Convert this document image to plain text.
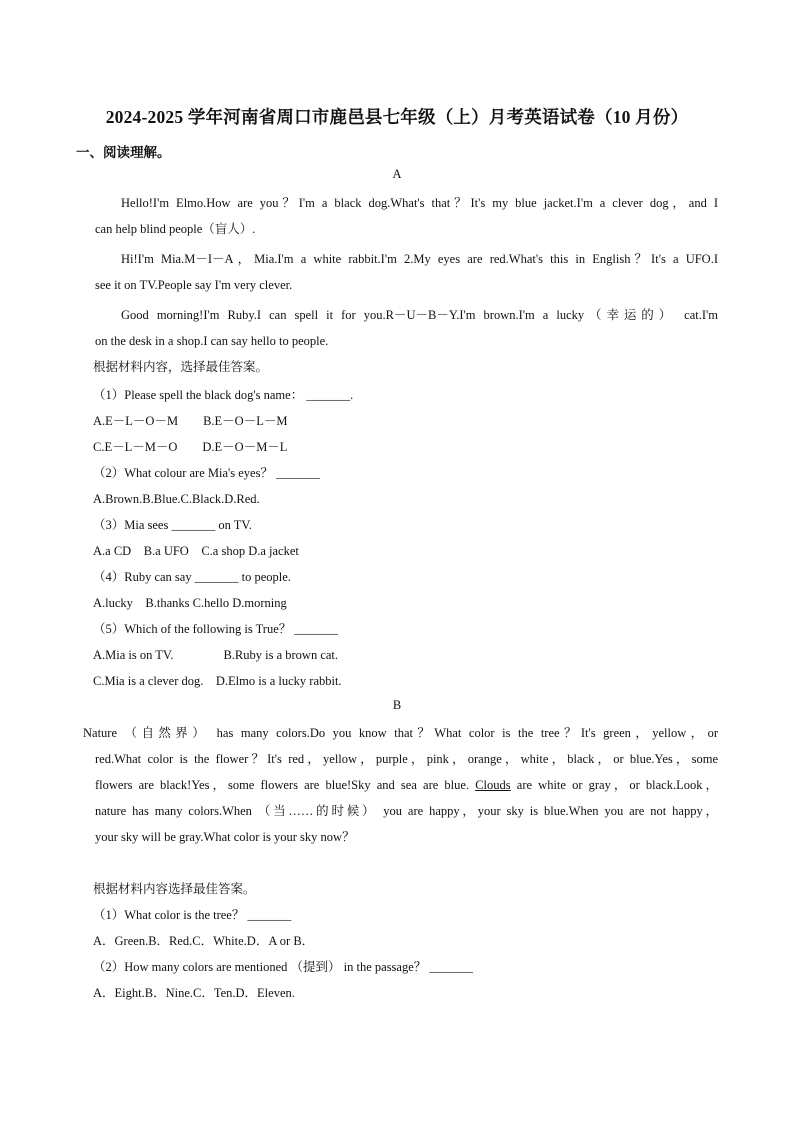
2024-2025 学年河南省周口市鹿邑县七年级（上）月考英语试卷（10 月份）
一、阅读理解。
A
Hello!I'm Elmo.How are you？I'm a black dog.What's that？It's my blue jacket.I'm a clever dog，and I
can help blind people（盲人）.
Hi!I'm Mia.M－I－A，Mia.I'm a white rabbit.I'm 2.My eyes are red.What's this in English？It's a UFO.I
see it on TV.People say I'm very clever.
Good morning!I'm Ruby.I can spell it for you.R－U－B－Y.I'm brown.I'm a lucky（幸运的） cat.I'm
on the desk in a shop.I can say hello to people.
根据材料内容，选择最佳答案。
（1）Please spell the black dog's name： _______.
A.E－L－O－M　　B.E－O－L－M
C.E－L－M－O　　D.E－O－M－L
（2）What colour are Mia's eyes？ _______
A.Brown.B.Blue.C.Black.D.Red.
（3）Mia sees _______ on TV.
A.a CD　B.a UFO　C.a shop D.a jacket
（4）Ruby can say _______ to people.
A.lucky　B.thanks C.hello D.morning
（5）Which of the following is True？ _______
A.Mia is on TV.　　　　B.Ruby is a brown cat.
C.Mia is a clever dog.　D.Elmo is a lucky rabbit.
B
Nature （自然界） has many colors.Do you know that？What color is the tree？It's green，yellow，or
red.What color is the flower？It's red，yellow，purple，pink，orange，white，black，or blue.Yes，some
flowers are black!Yes，some flowers are blue!Sky and sea are blue. Clouds are white or gray，or black.Look，
nature has many colors.When （当……的时候） you are happy，your sky is blue.When you are not happy，
your sky will be gray.What color is your sky now？
根据材料内容选择最佳答案。
（1）What color is the tree？ _______
A．Green.B．Red.C．White.D．A or B．
（2）How many colors are mentioned （提到） in the passage？ _______
A．Eight.B．Nine.C．Ten.D．Eleven.
